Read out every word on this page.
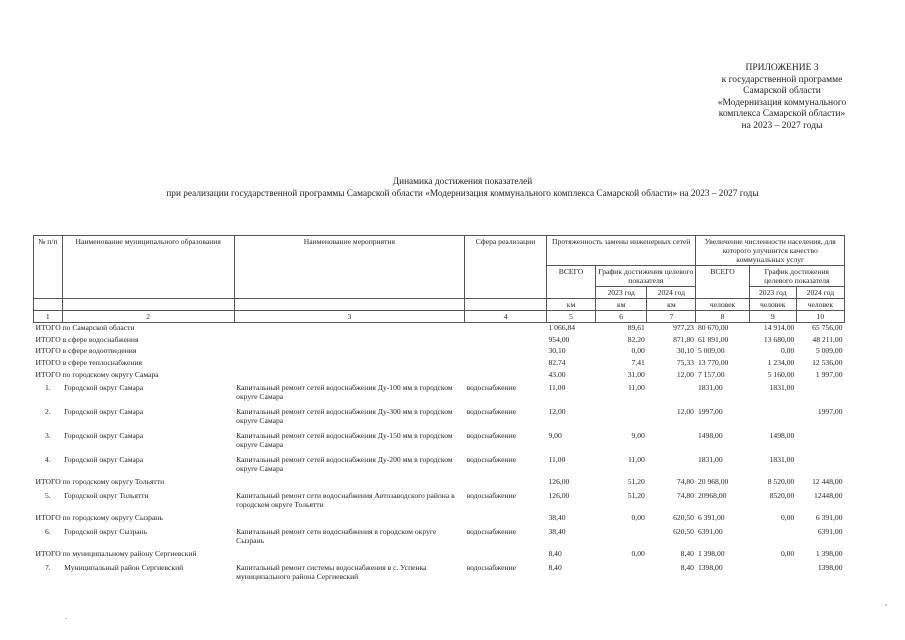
ПРИЛОЖЕНИЕ 3
к государственной программе
Самарской области
«Модернизация коммунального
комплекса Самарской области»
на 2023 – 2027 годы
Динамика достижения показателей
при реализации государственной программы Самарской области «Модернизация коммунального комплекса Самарской области» на 2023 – 2027 годы
№ п/п	Наименование муниципального образования	Наименование мероприятия	Сфера реализации	Протяженность замены инженерных сетей			Увеличение численности населения, для которого улучшится качество коммунальных услуг		
				ВСЕГО	График достижения целевого показателя		ВСЕГО	График достижения целевого показателя	
					2023 год	2024 год		2023 год	2024 год
				км	км	км	человек	человек	человек
1	2	3	4	5	6	7	8	9	10
ИТОГО по Самарской области				1 066,84	89,61	977,23	80 670,00	14 914,00	65 756,00
ИТОГО в сфере водоснабжения				954,00	82,20	871,80	61 891,00	13 680,00	48 211,00
ИТОГО в сфере водоотведения				30,10	0,00	30,10	5 009,00	0,00	5 009,00
ИТОГО в сфере теплоснабжения				82,74	7,41	75,33	13 770,00	1 234,00	12 536,00
ИТОГО по городскому округу Самара				43,00	31,00	12,00	7 157,00	5 160,00	1 997,00
1.	Городской округ Самара	Капитальный ремонт сетей водоснабжения Ду-100 мм в городском округе Самара	водоснабжение	11,00	11,00		1831,00	1831,00	
2.	Городской округ Самара	Капитальный ремонт сетей водоснабжения Ду-300 мм в городском округе Самара	водоснабжение	12,00		12,00	1997,00		1997,00
3.	Городской округ Самара	Капитальный ремонт сетей водоснабжения Ду-150 мм в городском округе Самара	водоснабжение	9,00	9,00		1498,00	1498,00	
4.	Городской округ Самара	Капитальный ремонт сетей водоснабжения Ду-200 мм в городском округе Самара	водоснабжение	11,00	11,00		1831,00	1831,00	
ИТОГО по городскому округу Тольятти				126,00	51,20	74,80	20 968,00	8 520,00	12 448,00
5.	Городской округ Тольятти	Капитальный ремонт сети водоснабжения Автозаводского района в городском округе Тольятти	водоснабжение	126,00	51,20	74,80	20968,00	8520,00	12448,00
ИТОГО по городскому округу Сызрань				38,40	0,00	620,50	6 391,00	0,00	6 391,00
6.	Городской округ Сызрань	Капитальный ремонт сети водоснабжения в городском округе Сызрань	водоснабжение	38,40		620,50	6391,00		6391,00
ИТОГО по муниципальному району Сергиевский				8,40	0,00	8,40	1 398,00	0,00	1 398,00
7.	Муниципальный район Сергиевский	Капитальный ремонт системы водоснабжения в с. Успенка муниципального района Сергиевский	водоснабжение	8,40		8,40	1398,00		1398,00
.
,
